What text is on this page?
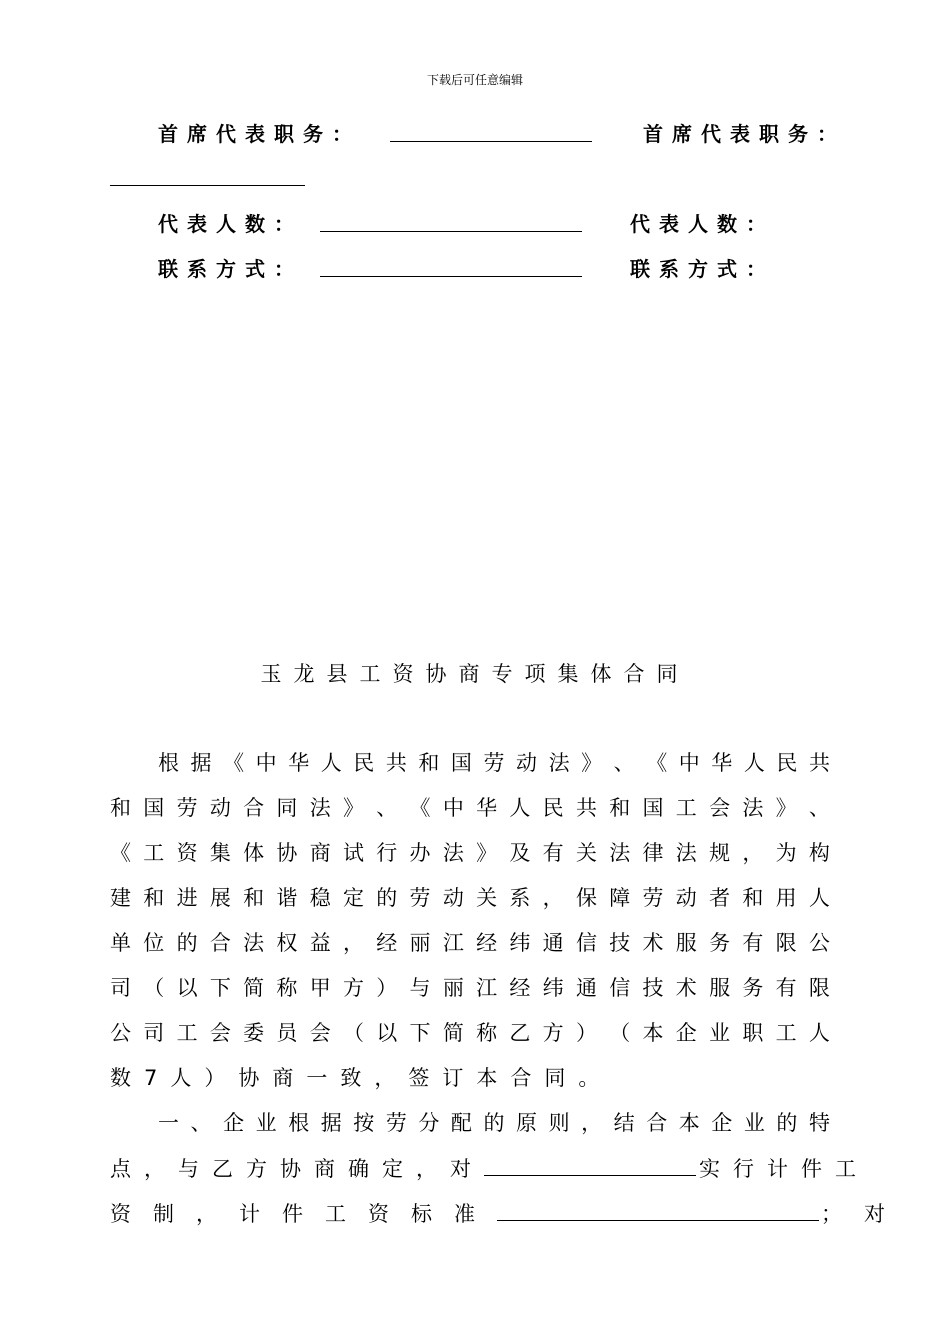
下载后可任意编辑
首席代表职务：	首席代表职务：
代表人数：	代表人数：
联系方式：	联系方式：
玉龙县工资协商专项集体合同
根 据 《 中 华 人 民 共 和 国 劳 动 法 》 、 《 中 华 人 民 共
和 国 劳 动 合 同 法 》 、 《 中 华 人 民 共 和 国 工 会 法 》 、
《 工 资 集 体 协 商 试 行 办 法 》 及 有 关 法 律 法 规 ， 为 构
建 和 进 展 和 谐 稳 定 的 劳 动 关 系 ， 保 障 劳 动 者 和 用 人
单 位 的 合 法 权 益 ， 经 丽 江 经 纬 通 信 技 术 服 务 有 限 公
司 （ 以 下 简 称 甲 方 ） 与 丽 江 经 纬 通 信 技 术 服 务 有 限
公 司 工 会 委 员 会 （ 以 下 简 称 乙 方 ） （ 本 企 业 职 工 人
数7人）协商一致，签订本合同。
一 、 企 业 根 据 按 劳 分 配 的 原 则 ， 结 合 本 企 业 的 特
点，与乙方协商确定，对	实行计件工
资制，计件工资标准	；对
